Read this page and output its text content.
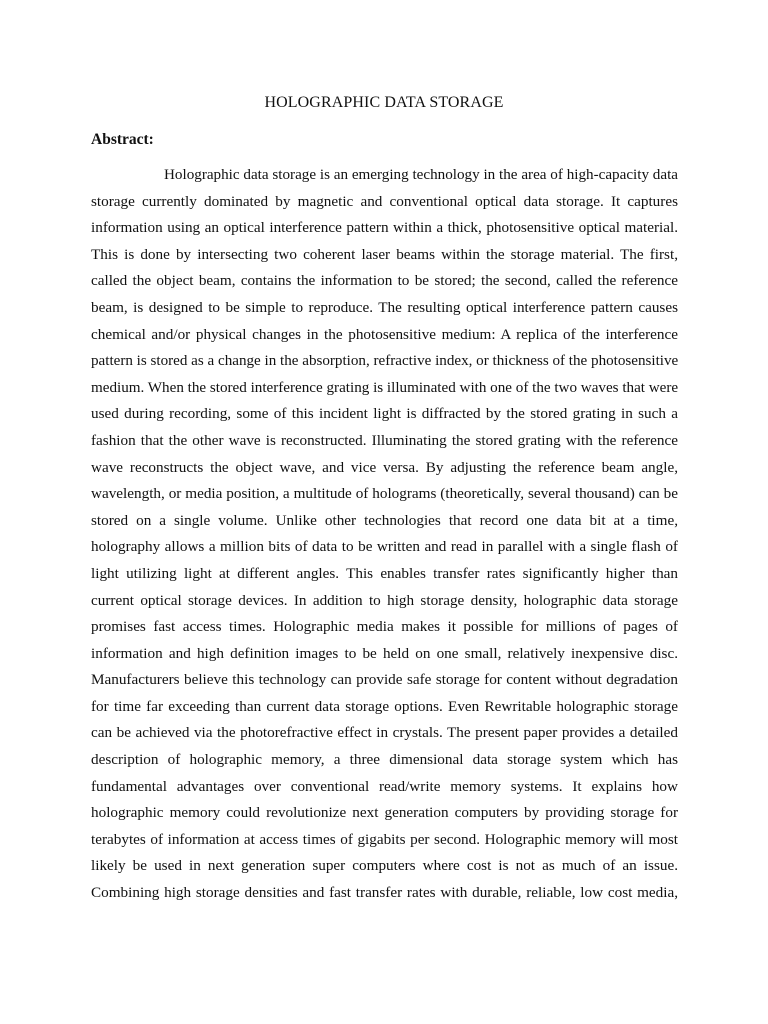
HOLOGRAPHIC DATA STORAGE
Abstract:
Holographic data storage is an emerging technology in the area of high-capacity data
storage currently dominated by magnetic and conventional optical data storage. It captures
information using an optical interference pattern within a thick, photosensitive optical material.
This is done by intersecting two coherent laser beams within the storage material. The first,
called the object beam, contains the information to be stored; the second, called the reference
beam, is designed to be simple to reproduce. The resulting optical interference pattern causes
chemical and/or physical changes in the photosensitive medium: A replica of the interference
pattern is stored as a change in the absorption, refractive index, or thickness of the photosensitive
medium. When the stored interference grating is illuminated with one of the two waves that were
used during recording, some of this incident light is diffracted by the stored grating in such a
fashion that the other wave is reconstructed. Illuminating the stored grating with the reference
wave reconstructs the object wave, and vice versa. By adjusting the reference beam angle,
wavelength, or media position, a multitude of holograms (theoretically, several thousand) can be
stored on a single volume. Unlike other technologies that record one data bit at a time,
holography allows a million bits of data to be written and read in parallel with a single flash of
light utilizing light at different angles. This enables transfer rates significantly higher than
current optical storage devices. In addition to high storage density, holographic data storage
promises fast access times. Holographic media makes it possible for millions of pages of
information and high definition images to be held on one small, relatively inexpensive disc.
Manufacturers believe this technology can provide safe storage for content without degradation
for time far exceeding than current data storage options. Even Rewritable holographic storage
can be achieved via the photorefractive effect in crystals. The present paper provides a detailed
description of holographic memory, a three dimensional data storage system which has
fundamental advantages over conventional read/write memory systems. It explains how
holographic memory could revolutionize next generation computers by providing storage for
terabytes of information at access times of gigabits per second. Holographic memory will most
likely be used in next generation super computers where cost is not as much of an issue.
Combining high storage densities and fast transfer rates with durable, reliable, low cost media,
